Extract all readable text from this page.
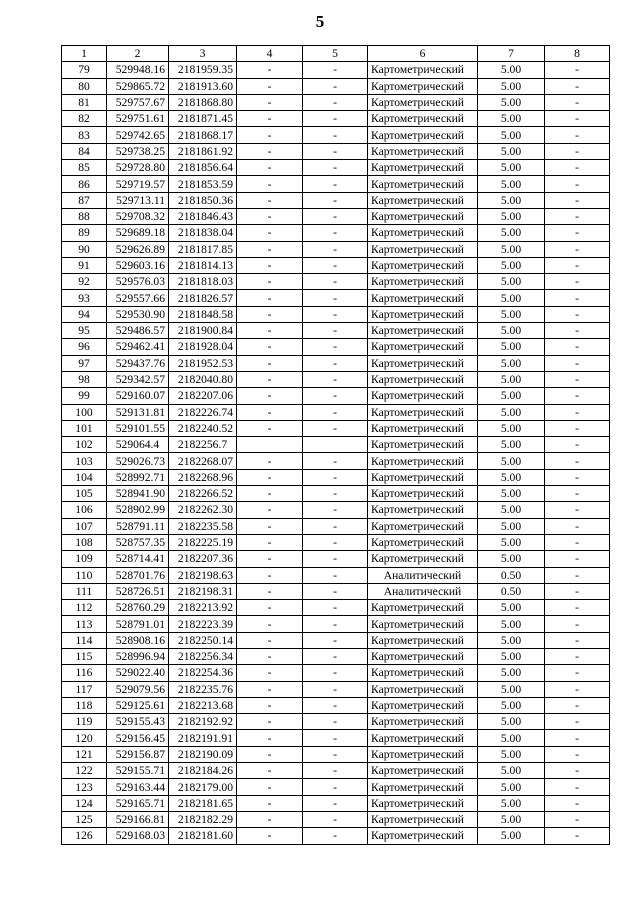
5
1	2	3	4	5	6	7	8
79	529948.16	2181959.35	-	-	Картометрический	5.00	-
80	529865.72	2181913.60	-	-	Картометрический	5.00	-
81	529757.67	2181868.80	-	-	Картометрический	5.00	-
82	529751.61	2181871.45	-	-	Картометрический	5.00	-
83	529742.65	2181868.17	-	-	Картометрический	5.00	-
84	529738.25	2181861.92	-	-	Картометрический	5.00	-
85	529728.80	2181856.64	-	-	Картометрический	5.00	-
86	529719.57	2181853.59	-	-	Картометрический	5.00	-
87	529713.11	2181850.36	-	-	Картометрический	5.00	-
88	529708.32	2181846.43	-	-	Картометрический	5.00	-
89	529689.18	2181838.04	-	-	Картометрический	5.00	-
90	529626.89	2181817.85	-	-	Картометрический	5.00	-
91	529603.16	2181814.13	-	-	Картометрический	5.00	-
92	529576.03	2181818.03	-	-	Картометрический	5.00	-
93	529557.66	2181826.57	-	-	Картометрический	5.00	-
94	529530.90	2181848.58	-	-	Картометрический	5.00	-
95	529486.57	2181900.84	-	-	Картометрический	5.00	-
96	529462.41	2181928.04	-	-	Картометрический	5.00	-
97	529437.76	2181952.53	-	-	Картометрический	5.00	-
98	529342.57	2182040.80	-	-	Картометрический	5.00	-
99	529160.07	2182207.06	-	-	Картометрический	5.00	-
100	529131.81	2182226.74	-	-	Картометрический	5.00	-
101	529101.55	2182240.52	-	-	Картометрический	5.00	-
102	529064.4	2182256.7			Картометрический	5.00	-
103	529026.73	2182268.07	-	-	Картометрический	5.00	-
104	528992.71	2182268.96	-	-	Картометрический	5.00	-
105	528941.90	2182266.52	-	-	Картометрический	5.00	-
106	528902.99	2182262.30	-	-	Картометрический	5.00	-
107	528791.11	2182235.58	-	-	Картометрический	5.00	-
108	528757.35	2182225.19	-	-	Картометрический	5.00	-
109	528714.41	2182207.36	-	-	Картометрический	5.00	-
110	528701.76	2182198.63	-	-	Аналитический	0.50	-
111	528726.51	2182198.31	-	-	Аналитический	0.50	-
112	528760.29	2182213.92	-	-	Картометрический	5.00	-
113	528791.01	2182223.39	-	-	Картометрический	5.00	-
114	528908.16	2182250.14	-	-	Картометрический	5.00	-
115	528996.94	2182256.34	-	-	Картометрический	5.00	-
116	529022.40	2182254.36	-	-	Картометрический	5.00	-
117	529079.56	2182235.76	-	-	Картометрический	5.00	-
118	529125.61	2182213.68	-	-	Картометрический	5.00	-
119	529155.43	2182192.92	-	-	Картометрический	5.00	-
120	529156.45	2182191.91	-	-	Картометрический	5.00	-
121	529156.87	2182190.09	-	-	Картометрический	5.00	-
122	529155.71	2182184.26	-	-	Картометрический	5.00	-
123	529163.44	2182179.00	-	-	Картометрический	5.00	-
124	529165.71	2182181.65	-	-	Картометрический	5.00	-
125	529166.81	2182182.29	-	-	Картометрический	5.00	-
126	529168.03	2182181.60	-	-	Картометрический	5.00	-
